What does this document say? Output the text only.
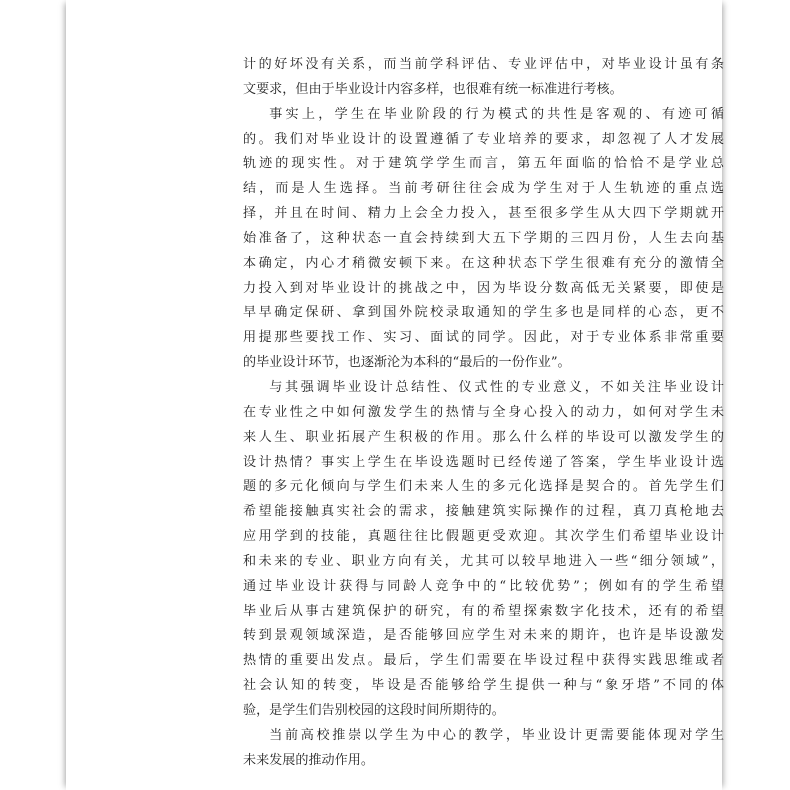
计的好坏没有关系，而当前学科评估、专业评估中，对毕业设计虽有条
文要求，但由于毕业设计内容多样，也很难有统一标准进行考核。
事实上，学生在毕业阶段的行为模式的共性是客观的、有迹可循
的。我们对毕业设计的设置遵循了专业培养的要求，却忽视了人才发展
轨迹的现实性。对于建筑学学生而言，第五年面临的恰恰不是学业总
结，而是人生选择。当前考研往往会成为学生对于人生轨迹的重点选
择，并且在时间、精力上会全力投入，甚至很多学生从大四下学期就开
始准备了，这种状态一直会持续到大五下学期的三四月份，人生去向基
本确定，内心才稍微安顿下来。在这种状态下学生很难有充分的激情全
力投入到对毕业设计的挑战之中，因为毕设分数高低无关紧要，即使是
早早确定保研、拿到国外院校录取通知的学生多也是同样的心态，更不
用提那些要找工作、实习、面试的同学。因此，对于专业体系非常重要
的毕业设计环节，也逐渐沦为本科的“最后的一份作业”。
与其强调毕业设计总结性、仪式性的专业意义，不如关注毕业设计
在专业性之中如何激发学生的热情与全身心投入的动力，如何对学生未
来人生、职业拓展产生积极的作用。那么什么样的毕设可以激发学生的
设计热情？事实上学生在毕设选题时已经传递了答案，学生毕业设计选
题的多元化倾向与学生们未来人生的多元化选择是契合的。首先学生们
希望能接触真实社会的需求，接触建筑实际操作的过程，真刀真枪地去
应用学到的技能，真题往往比假题更受欢迎。其次学生们希望毕业设计
和未来的专业、职业方向有关，尤其可以较早地进入一些“细分领域”，
通过毕业设计获得与同龄人竞争中的“比较优势”；例如有的学生希望
毕业后从事古建筑保护的研究，有的希望探索数字化技术，还有的希望
转到景观领域深造，是否能够回应学生对未来的期许，也许是毕设激发
热情的重要出发点。最后，学生们需要在毕设过程中获得实践思维或者
社会认知的转变，毕设是否能够给学生提供一种与“象牙塔”不同的体
验，是学生们告别校园的这段时间所期待的。
当前高校推崇以学生为中心的教学，毕业设计更需要能体现对学生
未来发展的推动作用。
